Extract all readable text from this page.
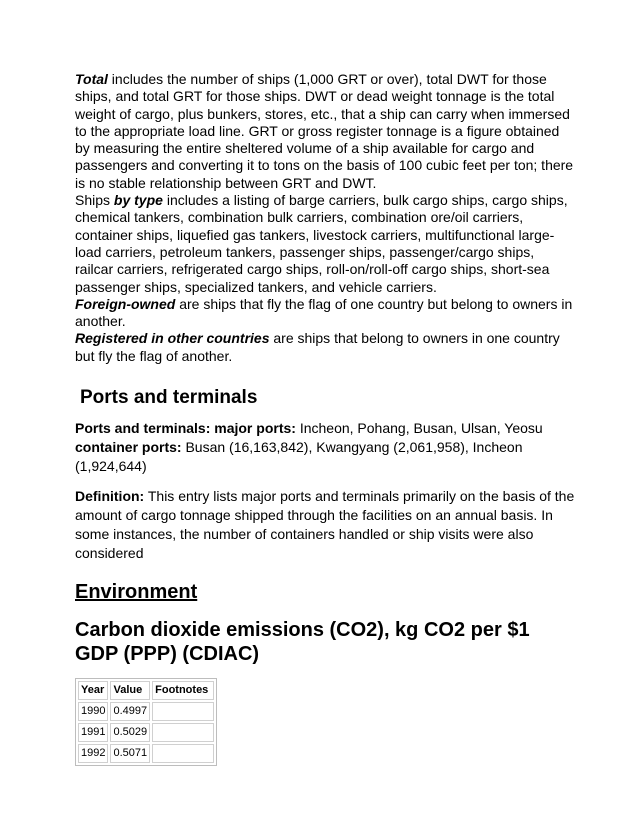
Total includes the number of ships (1,000 GRT or over), total DWT for those ships, and total GRT for those ships. DWT or dead weight tonnage is the total weight of cargo, plus bunkers, stores, etc., that a ship can carry when immersed to the appropriate load line. GRT or gross register tonnage is a figure obtained by measuring the entire sheltered volume of a ship available for cargo and passengers and converting it to tons on the basis of 100 cubic feet per ton; there is no stable relationship between GRT and DWT.
Ships by type includes a listing of barge carriers, bulk cargo ships, cargo ships, chemical tankers, combination bulk carriers, combination ore/oil carriers, container ships, liquefied gas tankers, livestock carriers, multifunctional large-load carriers, petroleum tankers, passenger ships, passenger/cargo ships, railcar carriers, refrigerated cargo ships, roll-on/roll-off cargo ships, short-sea passenger ships, specialized tankers, and vehicle carriers.
Foreign-owned are ships that fly the flag of one country but belong to owners in another.
Registered in other countries are ships that belong to owners in one country but fly the flag of another.

Ports and terminals

Ports and terminals: major ports: Incheon, Pohang, Busan, Ulsan, Yeosu
container ports: Busan (16,163,842), Kwangyang (2,061,958), Incheon (1,924,644)

Definition: This entry lists major ports and terminals primarily on the basis of the amount of cargo tonnage shipped through the facilities on an annual basis. In some instances, the number of containers handled or ship visits were also considered

Environment
Carbon dioxide emissions (CO2), kg CO2 per $1 GDP (PPP) (CDIAC)
Year	Value	Footnotes
1990	0.4997	
1991	0.5029	
1992	0.5071	
